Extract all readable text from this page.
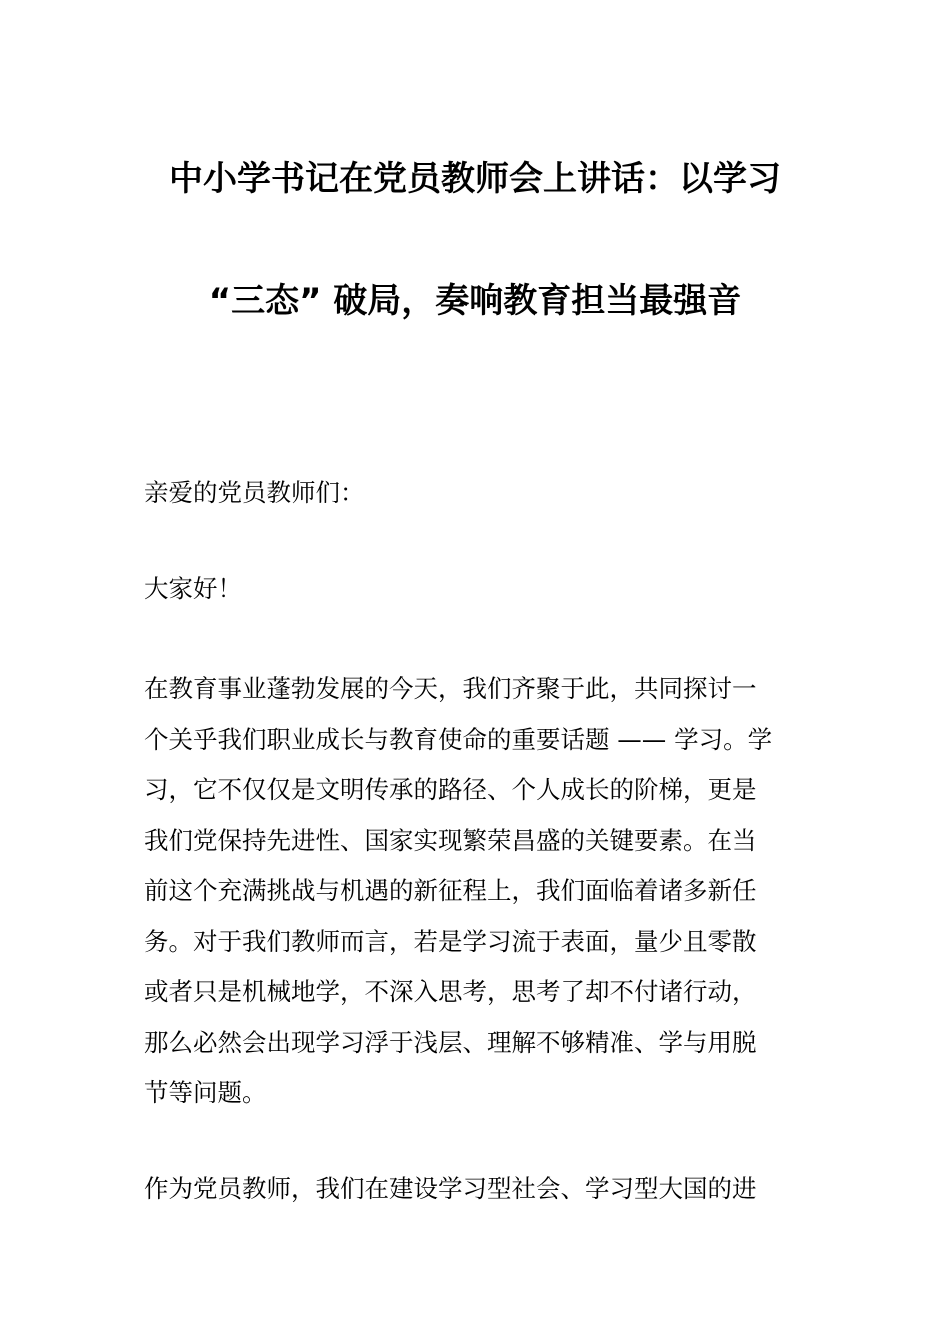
中小学书记在党员教师会上讲话：以学习
“三态” 破局，奏响教育担当最强音
亲爱的党员教师们：
大家好！
在教育事业蓬勃发展的今天，我们齐聚于此，共同探讨一
个关乎我们职业成长与教育使命的重要话题 —— 学习。学
习，它不仅仅是文明传承的路径、个人成长的阶梯，更是
我们党保持先进性、国家实现繁荣昌盛的关键要素。在当
前这个充满挑战与机遇的新征程上，我们面临着诸多新任
务。对于我们教师而言，若是学习流于表面，量少且零散
或者只是机械地学，不深入思考，思考了却不付诸行动，
那么必然会出现学习浮于浅层、理解不够精准、学与用脱
节等问题。
作为党员教师，我们在建设学习型社会、学习型大国的进
